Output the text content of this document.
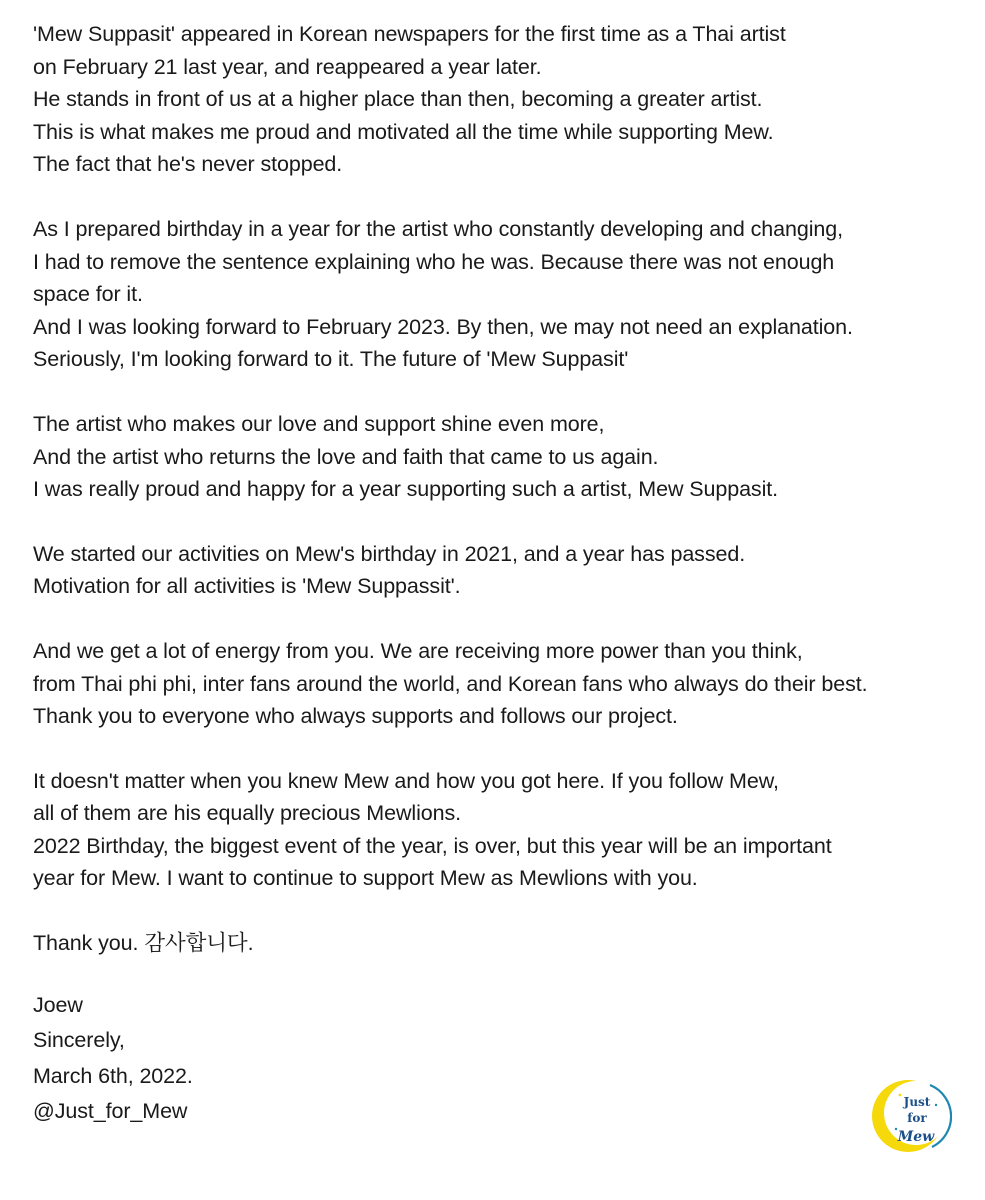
'Mew Suppasit' appeared in Korean newspapers for the first time as a Thai artist
on February 21 last year, and reappeared a year later.
He stands in front of us at a higher place than then, becoming a greater artist.
This is what makes me proud and motivated all the time while supporting Mew.
The fact that he's never stopped.
As I prepared birthday in a year for the artist who constantly developing and changing,
I had to remove the sentence explaining who he was. Because there was not enough
space for it.
And I was looking forward to February 2023. By then, we may not need an explanation.
Seriously, I'm looking forward to it. The future of 'Mew Suppasit'
The artist who makes our love and support shine even more,
And the artist who returns the love and faith that came to us again.
I was really proud and happy for a year supporting such a artist, Mew Suppasit.
We started our activities on Mew's birthday in 2021, and a year has passed.
Motivation for all activities is 'Mew Suppassit'.
And we get a lot of energy from you. We are receiving more power than you think,
from Thai phi phi, inter fans around the world, and Korean fans who always do their best.
Thank you to everyone who always supports and follows our project.
It doesn't matter when you knew Mew and how you got here. If you follow Mew,
all of them are his equally precious Mewlions.
2022 Birthday, the biggest event of the year, is over, but this year will be an important
year for Mew. I want to continue to support Mew as Mewlions with you.
Thank you. 감사합니다.
Joew
Sincerely,
March 6th, 2022.
@Just_for_Mew	Just
for
Mew
